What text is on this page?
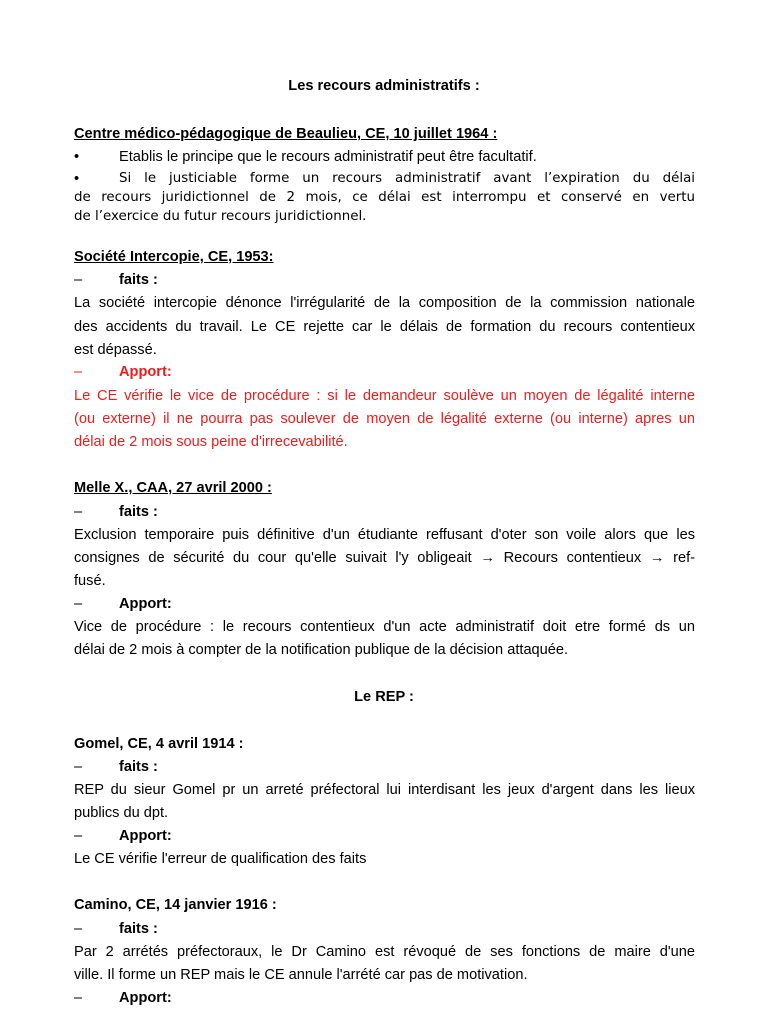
Les recours administratifs :
Centre médico-pédagogique de Beaulieu, CE, 10 juillet 1964 :
•	Etablis le principe que le recours administratif peut être facultatif.
•	Si le justiciable forme un recours administratif avant l’expiration du délai
de recours juridictionnel de 2 mois, ce délai est interrompu et conservé en vertu
de l’exercice du futur recours juridictionnel.
Société Intercopie, CE, 1953:
–	faits :
La société intercopie dénonce l'irrégularité de la composition de la commission nationale
des accidents du travail. Le CE rejette car le délais de formation du recours contentieux
est dépassé.
–	Apport:
Le CE vérifie le vice de procédure : si le demandeur soulève un moyen de légalité interne
(ou externe) il ne pourra pas soulever de moyen de légalité externe (ou interne) apres un
délai de 2 mois sous peine d'irrecevabilité.
Melle X., CAA, 27 avril 2000 :
–	faits :
Exclusion temporaire puis définitive d'un étudiante reffusant d'oter son voile alors que les
consignes de sécurité du cour qu'elle suivait l'y obligeait → Recours contentieux → ref-
fusé.
–	Apport:
Vice de procédure : le recours contentieux d'un acte administratif doit etre formé ds un
délai de 2 mois à compter de la notification publique de la décision attaquée.
Le REP :
Gomel, CE, 4 avril 1914 :
–	faits :
REP du sieur Gomel pr un arreté préfectoral lui interdisant les jeux d'argent dans les lieux
publics du dpt.
–	Apport:
Le CE vérifie l'erreur de qualification des faits
Camino, CE, 14 janvier 1916 :
–	faits :
Par 2 arrétés préfectoraux, le Dr Camino est révoqué de ses fonctions de maire d'une
ville. Il forme un REP mais le CE annule l'arrété car pas de motivation.
–	Apport:
